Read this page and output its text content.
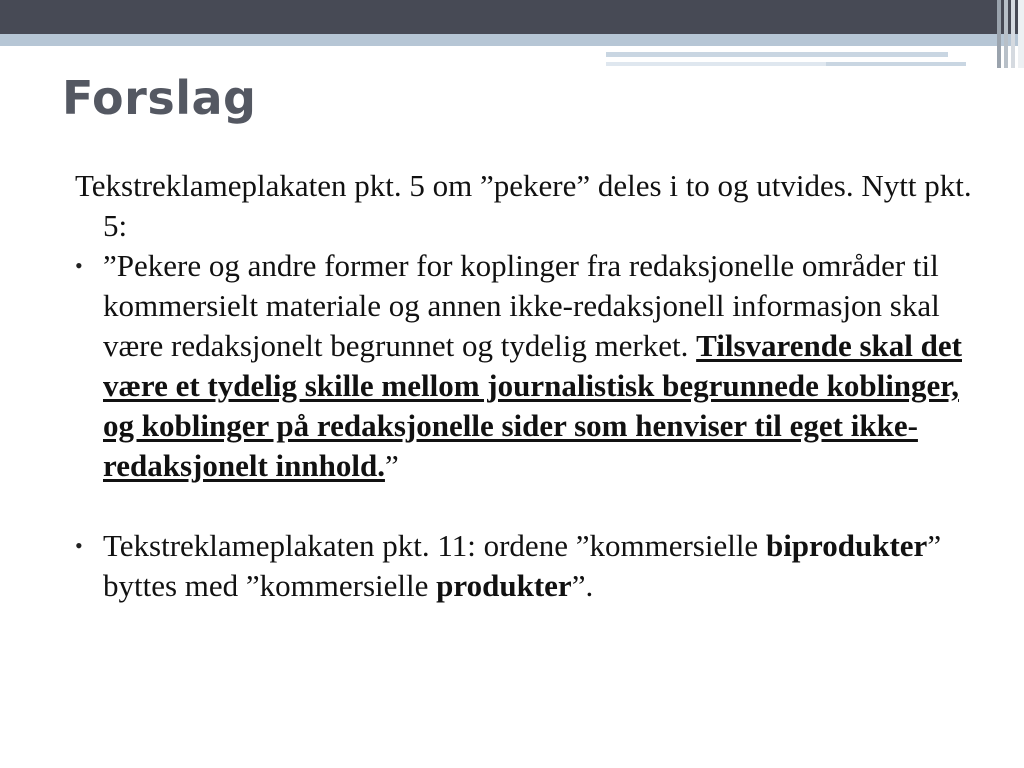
Forslag

Tekstreklameplakaten pkt. 5 om ”pekere” deles i to og utvides. Nytt pkt. 5:

• ”Pekere og andre former for koplinger fra redaksjonelle områder til kommersielt materiale og annen ikke-redaksjonell informasjon skal være redaksjonelt begrunnet og tydelig merket. Tilsvarende skal det være et tydelig skille mellom journalistisk begrunnede koblinger, og koblinger på redaksjonelle sider som henviser til eget ikke-redaksjonelt innhold.”
• Tekstreklameplakaten pkt. 11: ordene ”kommersielle biprodukter” byttes med ”kommersielle produkter”.
